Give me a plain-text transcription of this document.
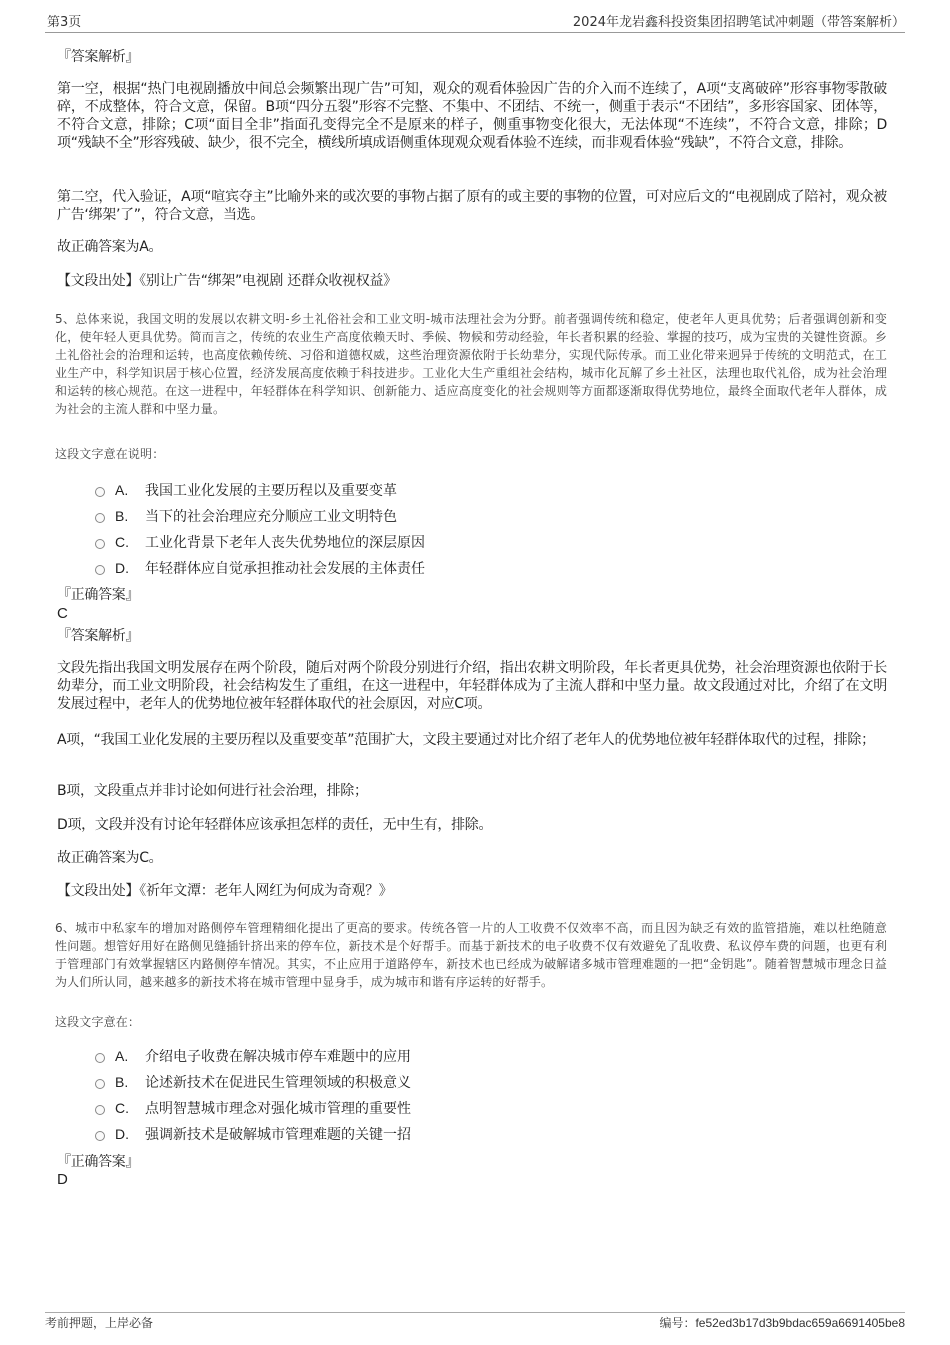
第3页	2024年龙岩鑫科投资集团招聘笔试冲刺题（带答案解析）
『答案解析』
第一空，根据“热门电视剧播放中间总会频繁出现广告”可知，观众的观看体验因广告的介入而不连续了，A项“支离破碎”形容事物零散破碎，不成整体，符合文意，保留。B项“四分五裂”形容不完整、不集中、不团结、不统一，侧重于表示“不团结”，多形容国家、团体等，不符合文意，排除；C项“面目全非”指面孔变得完全不是原来的样子，侧重事物变化很大，无法体现“不连续”，不符合文意，排除；D项“残缺不全”形容残破、缺少，很不完全，横线所填成语侧重体现观众观看体验不连续，而非观看体验“残缺”，不符合文意，排除。
第二空，代入验证，A项“喧宾夺主”比喻外来的或次要的事物占据了原有的或主要的事物的位置，可对应后文的“电视剧成了陪衬，观众被广告‘绑架’了”，符合文意，当选。
故正确答案为A。
【文段出处】《别让广告“绑架”电视剧 还群众收视权益》
5、总体来说，我国文明的发展以农耕文明-乡土礼俗社会和工业文明-城市法理社会为分野。前者强调传统和稳定，使老年人更具优势；后者强调创新和变化，使年轻人更具优势。简而言之，传统的农业生产高度依赖天时、季候、物候和劳动经验，年长者积累的经验、掌握的技巧，成为宝贵的关键性资源。乡土礼俗社会的治理和运转，也高度依赖传统、习俗和道德权威，这些治理资源依附于长幼辈分，实现代际传承。而工业化带来迥异于传统的文明范式，在工业生产中，科学知识居于核心位置，经济发展高度依赖于科技进步。工业化大生产重组社会结构，城市化瓦解了乡土社区，法理也取代礼俗，成为社会治理和运转的核心规范。在这一进程中，年轻群体在科学知识、创新能力、适应高度变化的社会规则等方面都逐渐取得优势地位，最终全面取代老年人群体，成为社会的主流人群和中坚力量。
这段文字意在说明：
A.	我国工业化发展的主要历程以及重要变革
B.	当下的社会治理应充分顺应工业文明特色
C.	工业化背景下老年人丧失优势地位的深层原因
D.	年轻群体应自觉承担推动社会发展的主体责任
『正确答案』
C
『答案解析』
文段先指出我国文明发展存在两个阶段，随后对两个阶段分别进行介绍，指出农耕文明阶段，年长者更具优势，社会治理资源也依附于长幼辈分，而工业文明阶段，社会结构发生了重组，在这一进程中，年轻群体成为了主流人群和中坚力量。故文段通过对比，介绍了在文明发展过程中，老年人的优势地位被年轻群体取代的社会原因，对应C项。
A项，“我国工业化发展的主要历程以及重要变革”范围扩大，文段主要通过对比介绍了老年人的优势地位被年轻群体取代的过程，排除；
B项，文段重点并非讨论如何进行社会治理，排除；
D项，文段并没有讨论年轻群体应该承担怎样的责任，无中生有，排除。
故正确答案为C。
【文段出处】《祈年文潭：老年人网红为何成为奇观？》
6、城市中私家车的增加对路侧停车管理精细化提出了更高的要求。传统各管一片的人工收费不仅效率不高，而且因为缺乏有效的监管措施，难以杜绝随意性问题。想管好用好在路侧见缝插针挤出来的停车位，新技术是个好帮手。而基于新技术的电子收费不仅有效避免了乱收费、私议停车费的问题，也更有利于管理部门有效掌握辖区内路侧停车情况。其实，不止应用于道路停车，新技术也已经成为破解诸多城市管理难题的一把“金钥匙”。随着智慧城市理念日益为人们所认同，越来越多的新技术将在城市管理中显身手，成为城市和谐有序运转的好帮手。
这段文字意在：
A.	介绍电子收费在解决城市停车难题中的应用
B.	论述新技术在促进民生管理领域的积极意义
C.	点明智慧城市理念对强化城市管理的重要性
D.	强调新技术是破解城市管理难题的关键一招
『正确答案』
D
考前押题，上岸必备	编号：fe52ed3b17d3b9bdac659a6691405be8
